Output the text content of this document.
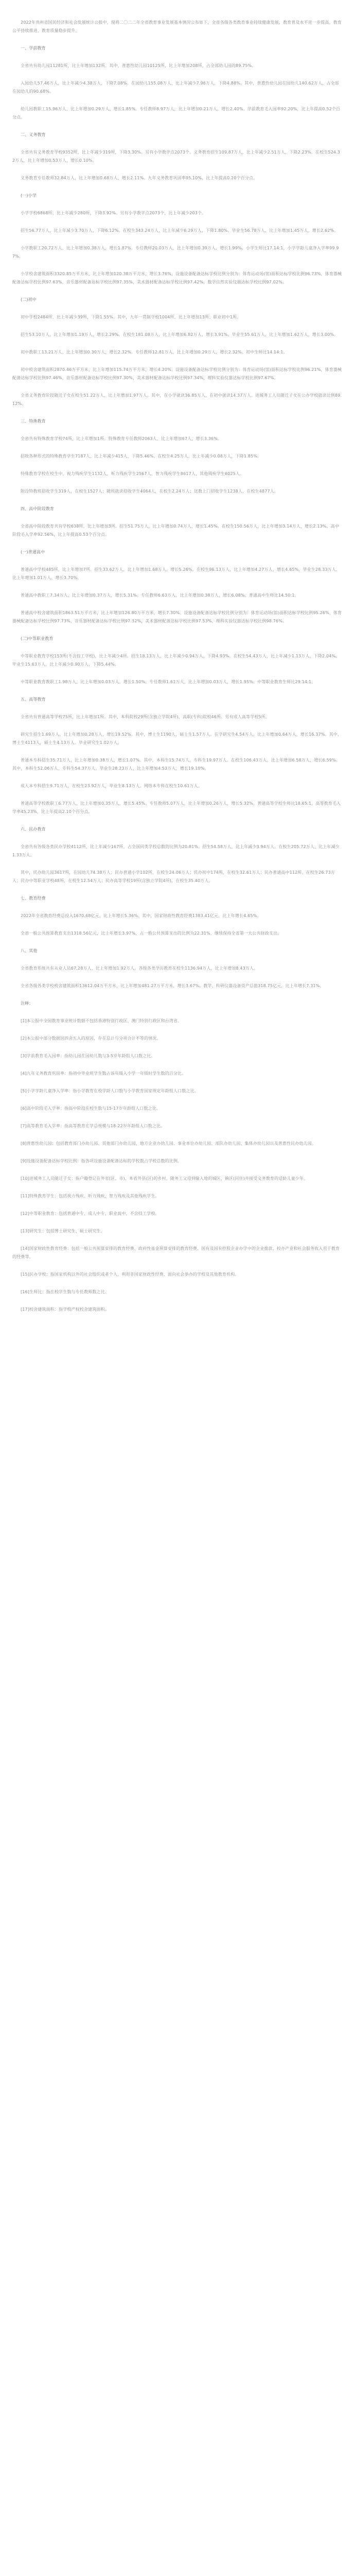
2022年贵州省国民经济和社会发展统计公报中，现将二〇二二年全省教育事业发展基本情况公布如下，全省各级各类教育事业持续健康发展，教育普及水平进一步提高，教育公平持续推进，教育质量稳步提升。

一、学前教育

全省共有幼儿园11281所，比上年增加132所。其中，普惠性幼儿园10125所，比上年增加208所，占全部幼儿园的89.75%。

入园幼儿57.46万人，比上年减少4.38万人，下降7.08%。在园幼儿155.08万人，比上年减少7.96万人，下降4.88%。其中，普惠性幼儿园在园幼儿140.62万人，占全部在园幼儿的90.68%。

幼儿园教职工15.96万人，比上年增加0.29万人，增长1.85%。专任教师8.97万人，比上年增加0.21万人，增长2.40%。学前教育毛入园率92.20%，比上年提高0.52个百分点。

二、义务教育

全省共有义务教育学校9352所，比上年减少319所，下降3.30%。另有小学教学点2073个。义务教育招生109.87万人，比上年减少2.51万人，下降2.23%。在校生524.32万人，比上年增加0.53万人，增长0.10%。

义务教育专任教师32.84万人，比上年增加0.68万人，增长2.11%。九年义务教育巩固率95.10%，比上年提高0.20个百分点。

(一)小学

小学学校6868所，比上年减少280所，下降3.92%。另有小学教学点2073个，比上年减少203个。

招生56.77万人，比上年减少3.70万人，下降6.12%。在校生343.24万人，比上年减少6.29万人，下降1.80%。毕业生56.78万人，比上年增加1.45万人，增长2.62%。

小学教职工20.72万人，比上年增加0.38万人，增长1.87%。专任教师20.03万人，比上年增加0.39万人，增长1.99%。小学生师比17.14:1，小学学龄儿童净入学率99.97%。

小学校舍建筑面积3320.85万平方米，比上年增加120.38万平方米，增长3.76%。设施设备配备达标学校比例分别为：体育运动场(馆)面积达标学校比例96.73%，体育器械配备达标学校比例97.63%，音乐器材配备达标学校比例97.35%，美术器材配备达标学校比例97.42%，数学自然实验仪器达标学校比例97.02%。

(二)初中

初中学校2484所，比上年减少39所，下降1.55%。其中，九年一贯制学校1004所，比上年增加13所；职业初中1所。

招生53.10万人，比上年增加1.19万人，增长2.29%。在校生181.08万人，比上年增加6.82万人，增长3.91%。毕业生55.61万人，比上年增加1.62万人，增长3.00%。

初中教职工13.21万人，比上年增加0.30万人，增长2.32%。专任教师12.81万人，比上年增加0.29万人，增长2.32%。初中生师比14.14:1。

初中校舍建筑面积2870.46万平方米，比上年增加115.74万平方米，增长4.20%。设施设备配备达标学校比例分别为：体育运动场(馆)面积达标学校比例96.21%，体育器械配备达标学校比例97.46%，音乐器材配备达标学校比例97.30%，美术器材配备达标学校比例97.34%，理科实验仪器达标学校比例97.67%。

全省义务教育阶段随迁子女在校生51.22万人，比上年增加1.97万人。其中，在小学就读36.85万人，在初中就读14.37万人。进城务工人员随迁子女在公办学校就读比例89.12%。

三、特殊教育

全省共有特殊教育学校74所，比上年增加1所。特殊教育专任教师2063人，比上年增加67人，增长3.36%。

招收各种形式的特殊教育学生7187人，比上年减少415人，下降5.46%。在校生4.25万人，比上年减少0.08万人，下降1.85%。

特殊教育学校在校生中，视力残疾学生1132人，听力残疾学生2567人，智力残疾学生8617人，其他残疾学生6025人。

附设特教班招收学生319人，在校生1527人；随班就读招收学生4064人，在校生2.24万人；送教上门招收学生1238人，在校生4877人。

四、高中阶段教育

全省高中阶段教育共有学校638所，比上年增加3所。招生51.75万人，比上年增加0.74万人，增长1.45%。在校生150.56万人，比上年增加3.14万人，增长2.13%。高中阶段毛入学率92.56%，比上年提高0.53个百分点。

(一)普通高中

普通高中学校485所，比上年增加7所。招生33.62万人，比上年增加1.68万人，增长5.26%。在校生96.13万人，比上年增加4.27万人，增长4.65%。毕业生28.33万人，比上年增加1.01万人，增长3.70%。

普通高中教职工7.34万人，比上年增加0.37万人，增长5.31%。专任教师6.63万人，比上年增加0.38万人，增长6.08%。普通高中生师比14.50:1。

普通高中校舍建筑面积1863.51万平方米，比上年增加126.80万平方米，增长7.30%。设施设备配备达标学校比例分别为：体育运动场(馆)面积达标学校比例95.26%，体育器械配备达标学校比例97.73%，音乐器材配备达标学校比例97.32%，美术器材配备达标学校比例97.53%，理科实验仪器达标学校比例98.76%。

(二)中等职业教育

中等职业教育学校153所(不含技工学校)，比上年减少4所。招生18.13万人，比上年减少0.94万人，下降4.93%。在校生54.43万人，比上年减少1.13万人，下降2.04%。毕业生15.63万人，比上年减少0.90万人，下降5.44%。

中等职业教育教职工1.98万人，比上年增加0.03万人，增长1.50%。专任教师1.61万人，比上年增加0.03万人，增长1.95%。中等职业教育生师比29.14:1。

五、高等教育

全省共有普通高等学校75所，比上年增加1所。其中，本科院校29所(含独立学院4所)，高职(专科)院校46所。另有成人高等学校5所。

研究生招生1.69万人，比上年增加0.28万人，增长19.52%。其中，博士生1190人，硕士生1.57万人。在学研究生4.54万人，比上年增加0.64万人，增长16.37%。其中，博士生4113人，硕士生4.13万人。毕业研究生1.02万人。

普通本专科招生35.71万人，比上年增加0.38万人，增长1.07%。其中，本科生15.74万人，专科生19.97万人。在校生106.43万人，比上年增加6.58万人，增长6.59%。其中，本科生52.06万人，专科生54.37万人。毕业生28.23万人，比上年增加4.53万人，增长19.10%。

成人本专科招生9.71万人，在校生23.92万人，毕业生8.13万人。网络本专科在校生10.61万人。

普通高等学校教职工6.77万人，比上年增加0.35万人，增长5.45%。专任教师5.07万人，比上年增加0.26万人，增长5.32%。普通高等学校生师比18.65:1。高等教育毛入学率45.23%，比上年提高2.10个百分点。

六、民办教育

全省共有各级各类民办学校4112所，比上年减少167所，占全国同类学校总数的比例为20.81%。招生54.58万人，比上年减少3.94万人。在校生205.72万人，比上年减少1.33万人。

其中，民办幼儿园3617所，在园幼儿74.38万人；民办普通小学102所，在校生24.06万人；民办初中174所，在校生32.61万人；民办普通高中112所，在校生26.73万人；民办中等职业学校48所，在校生12.54万人；民办高等学校19所(含独立学院4所)，在校生35.40万人。

七、教育经费

2022年全省教育经费总投入1670.68亿元，比上年增长5.36%。其中，国家财政性教育经费1383.41亿元，比上年增长4.65%。

全省一般公共预算教育支出1318.56亿元，比上年增长3.97%，占一般公共预算支出的比例为22.31%，继续保持全省第一大公共财政支出。

八、其他

全省教育系统共有从业人员67.28万人，比上年增加1.92万人。各级各类学历教育在校生1136.94万人，比上年增加8.43万人。

全省各级各类学校校舍建筑面积13612.04万平方米，比上年增加481.27万平方米，增长3.67%。教学、科研仪器设备资产总值318.75亿元，比上年增长7.31%。

注释：

[1]本公报中全国教育事业统计数据不包括香港特别行政区、澳门特别行政区和台湾省。

[2]本公报中部分数据因四舍五入的原因，存在总计与分项合计不等的情况。

[3]学前教育毛入园率：指幼儿园在园幼儿数与3-5岁年龄组人口数之比。

[4]九年义务教育巩固率：指初中毕业班学生数占该年级入小学一年级时学生数的百分比。

[5]小学学龄儿童净入学率：指小学教育在校学龄人口数与小学教育国家规定年龄组人口数之比。

[6]高中阶段毛入学率：指高中阶段在校生数与15-17岁年龄组人口数之比。

[7]高等教育毛入学率：指高等教育在学总规模与18-22岁年龄组人口数之比。

[8]普惠性幼儿园：包括教育部门办幼儿园、其他部门办幼儿园、地方企业办幼儿园、事业单位办幼儿园、部队办幼儿园、集体办幼儿园以及普惠性民办幼儿园。

[9]设施设备配备达标学校比例：指各项设施设备配备达标的学校数占学校总数的比例。

[10]进城务工人员随迁子女：指户籍登记在外省(区、市)、本省外县(区)的乡村，随务工父母到输入地的城区、镇区(同住)并接受义务教育的适龄儿童少年。

[11]特殊教育学生：包括视力残疾、听力残疾、智力残疾及其他残疾学生。

[12]中等职业教育：包括普通中专、成人中专、职业高中，不含技工学校。

[13]研究生：包括博士研究生、硕士研究生。

[14]国家财政性教育经费：包括一般公共预算安排的教育经费、政府性基金预算安排的教育经费、国有及国有控股企业办学中的企业拨款、校办产业和社会服务收入用于教育的经费等。

[15]民办学校：指国家机构以外的社会组织或者个人，利用非国家财政性经费，面向社会举办的学校及其他教育机构。

[16]生师比：指在校学生数与专任教师数之比。

[17]校舍建筑面积：指学校产权校舍建筑面积。
